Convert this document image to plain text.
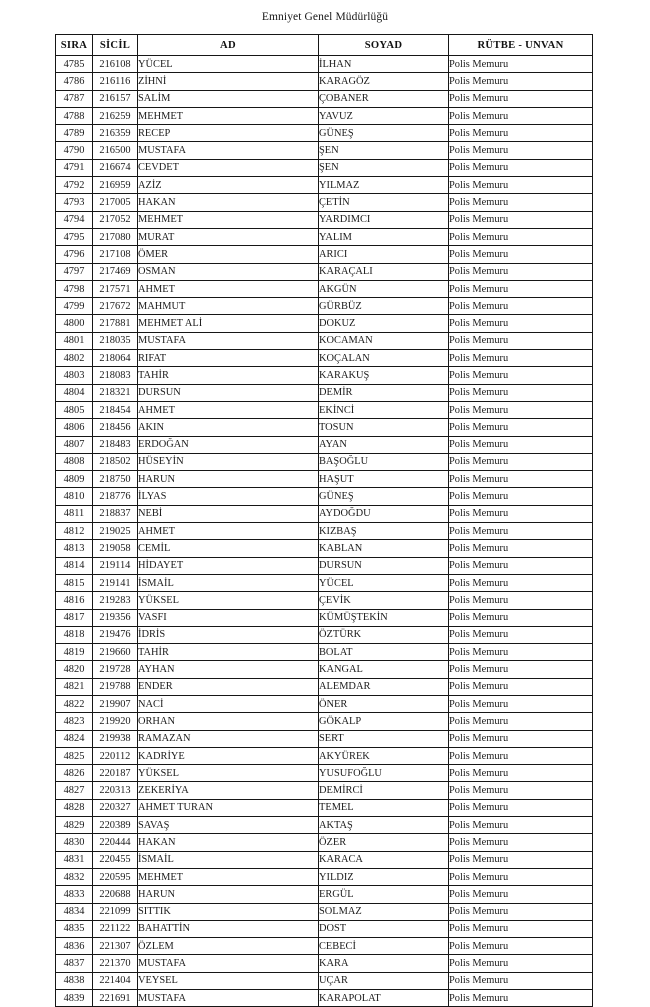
Emniyet Genel Müdürlüğü
SIRA	SİCİL	AD	SOYAD	RÜTBE - UNVAN
4785	216108	YÜCEL	İLHAN	Polis Memuru
4786	216116	ZİHNİ	KARAGÖZ	Polis Memuru
4787	216157	SALİM	ÇOBANER	Polis Memuru
4788	216259	MEHMET	YAVUZ	Polis Memuru
4789	216359	RECEP	GÜNEŞ	Polis Memuru
4790	216500	MUSTAFA	ŞEN	Polis Memuru
4791	216674	CEVDET	ŞEN	Polis Memuru
4792	216959	AZİZ	YILMAZ	Polis Memuru
4793	217005	HAKAN	ÇETİN	Polis Memuru
4794	217052	MEHMET	YARDIMCI	Polis Memuru
4795	217080	MURAT	YALIM	Polis Memuru
4796	217108	ÖMER	ARICI	Polis Memuru
4797	217469	OSMAN	KARAÇALI	Polis Memuru
4798	217571	AHMET	AKGÜN	Polis Memuru
4799	217672	MAHMUT	GÜRBÜZ	Polis Memuru
4800	217881	MEHMET ALİ	DOKUZ	Polis Memuru
4801	218035	MUSTAFA	KOCAMAN	Polis Memuru
4802	218064	RIFAT	KOÇALAN	Polis Memuru
4803	218083	TAHİR	KARAKUŞ	Polis Memuru
4804	218321	DURSUN	DEMİR	Polis Memuru
4805	218454	AHMET	EKİNCİ	Polis Memuru
4806	218456	AKIN	TOSUN	Polis Memuru
4807	218483	ERDOĞAN	AYAN	Polis Memuru
4808	218502	HÜSEYİN	BAŞOĞLU	Polis Memuru
4809	218750	HARUN	HAŞUT	Polis Memuru
4810	218776	İLYAS	GÜNEŞ	Polis Memuru
4811	218837	NEBİ	AYDOĞDU	Polis Memuru
4812	219025	AHMET	KIZBAŞ	Polis Memuru
4813	219058	CEMİL	KABLAN	Polis Memuru
4814	219114	HİDAYET	DURSUN	Polis Memuru
4815	219141	İSMAİL	YÜCEL	Polis Memuru
4816	219283	YÜKSEL	ÇEVİK	Polis Memuru
4817	219356	VASFI	KÜMÜŞTEKİN	Polis Memuru
4818	219476	İDRİS	ÖZTÜRK	Polis Memuru
4819	219660	TAHİR	BOLAT	Polis Memuru
4820	219728	AYHAN	KANGAL	Polis Memuru
4821	219788	ENDER	ALEMDAR	Polis Memuru
4822	219907	NACİ	ÖNER	Polis Memuru
4823	219920	ORHAN	GÖKALP	Polis Memuru
4824	219938	RAMAZAN	SERT	Polis Memuru
4825	220112	KADRİYE	AKYÜREK	Polis Memuru
4826	220187	YÜKSEL	YUSUFOĞLU	Polis Memuru
4827	220313	ZEKERİYA	DEMİRCİ	Polis Memuru
4828	220327	AHMET TURAN	TEMEL	Polis Memuru
4829	220389	SAVAŞ	AKTAŞ	Polis Memuru
4830	220444	HAKAN	ÖZER	Polis Memuru
4831	220455	İSMAİL	KARACA	Polis Memuru
4832	220595	MEHMET	YILDIZ	Polis Memuru
4833	220688	HARUN	ERGÜL	Polis Memuru
4834	221099	SITTIK	SOLMAZ	Polis Memuru
4835	221122	BAHATTİN	DOST	Polis Memuru
4836	221307	ÖZLEM	CEBECİ	Polis Memuru
4837	221370	MUSTAFA	KARA	Polis Memuru
4838	221404	VEYSEL	UÇAR	Polis Memuru
4839	221691	MUSTAFA	KARAPOLAT	Polis Memuru
